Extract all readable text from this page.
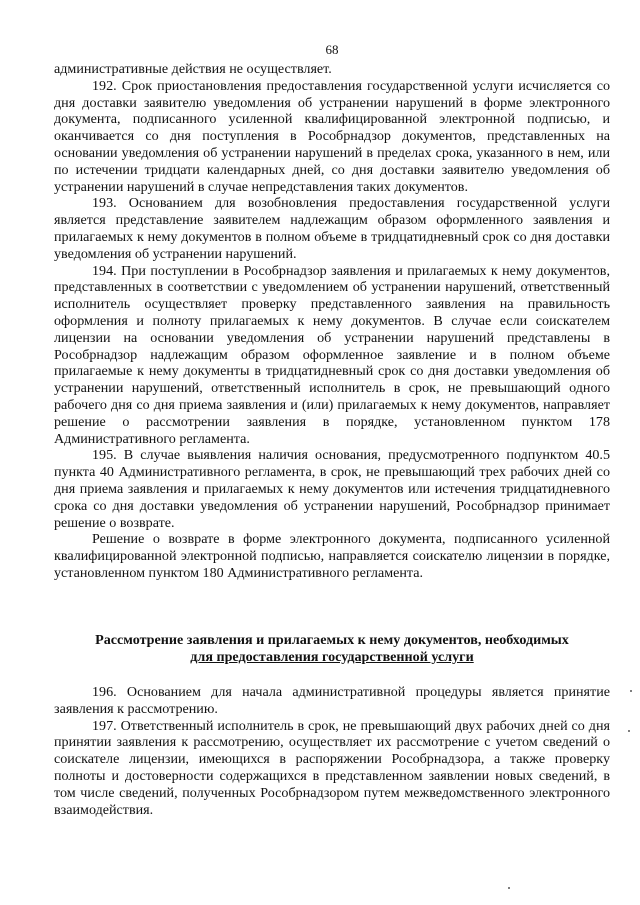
68

административные действия не осуществляет.

192. Срок приостановления предоставления государственной услуги исчисляется со дня доставки заявителю уведомления об устранении нарушений в форме электронного документа, подписанного усиленной квалифицированной электронной подписью, и оканчивается со дня поступления в Рособрнадзор документов, представленных на основании уведомления об устранении нарушений в пределах срока, указанного в нем, или по истечении тридцати календарных дней, со дня доставки заявителю уведомления об устранении нарушений в случае непредставления таких документов.

193. Основанием для возобновления предоставления государственной услуги является представление заявителем надлежащим образом оформленного заявления и прилагаемых к нему документов в полном объеме в тридцатидневный срок со дня доставки уведомления об устранении нарушений.

194. При поступлении в Рособрнадзор заявления и прилагаемых к нему документов, представленных в соответствии с уведомлением об устранении нарушений, ответственный исполнитель осуществляет проверку представленного заявления на правильность оформления и полноту прилагаемых к нему документов. В случае если соискателем лицензии на основании уведомления об устранении нарушений представлены в Рособрнадзор надлежащим образом оформленное заявление и в полном объеме прилагаемые к нему документы в тридцатидневный срок со дня доставки уведомления об устранении нарушений, ответственный исполнитель в срок, не превышающий одного рабочего дня со дня приема заявления и (или) прилагаемых к нему документов, направляет решение о рассмотрении заявления в порядке, установленном пунктом 178 Административного регламента.

195. В случае выявления наличия основания, предусмотренного подпунктом 40.5 пункта 40 Административного регламента, в срок, не превышающий трех рабочих дней со дня приема заявления и прилагаемых к нему документов или истечения тридцатидневного срока со дня доставки уведомления об устранении нарушений, Рособрнадзор принимает решение о возврате.

Решение о возврате в форме электронного документа, подписанного усиленной квалифицированной электронной подписью, направляется соискателю лицензии в порядке, установленном пунктом 180 Административного регламента.

Рассмотрение заявления и прилагаемых к нему документов, необходимых
для предоставления государственной услуги

196. Основанием для начала административной процедуры является принятие заявления к рассмотрению.

197. Ответственный исполнитель в срок, не превышающий двух рабочих дней со дня принятии заявления к рассмотрению, осуществляет их рассмотрение с учетом сведений о соискателе лицензии, имеющихся в распоряжении Рособрнадзора, а также проверку полноты и достоверности содержащихся в представленном заявлении новых сведений, в том числе сведений, полученных Рособрнадзором путем межведомственного электронного взаимодействия.
